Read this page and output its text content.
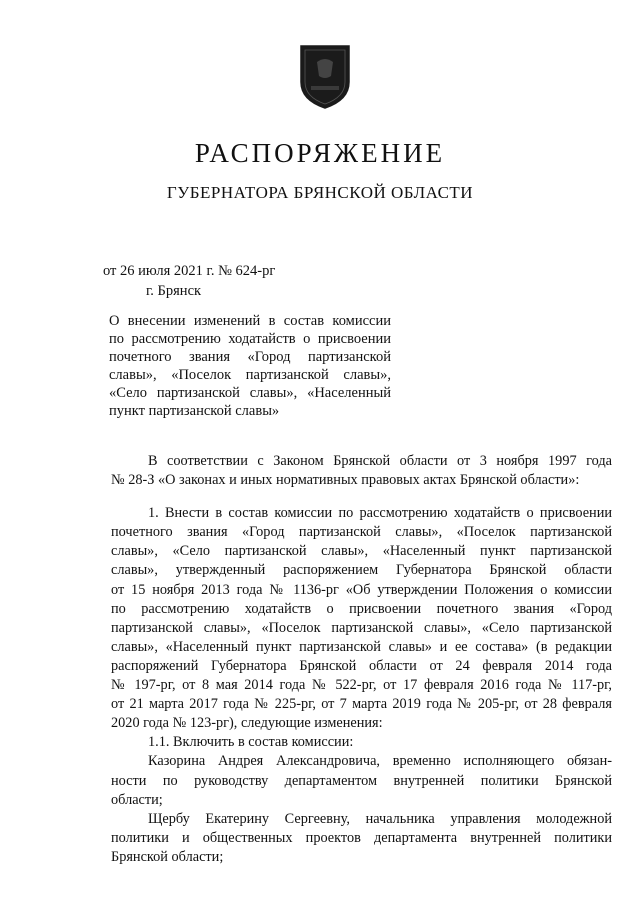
РАСПОРЯЖЕНИЕ
ГУБЕРНАТОРА БРЯНСКОЙ ОБЛАСТИ
от 26 июля 2021 г. № 624-рг
г. Брянск
О внесении изменений в состав комиссии
по рассмотрению ходатайств о присвоении
почетного звания «Город партизанской
славы», «Поселок партизанской славы»,
«Село партизанской славы», «Населенный
пункт партизанской славы»
В соответствии с Законом Брянской области от 3 ноября 1997 года
№ 28-З «О законах и иных нормативных правовых актах Брянской области»:
1. Внести в состав комиссии по рассмотрению ходатайств о присвоении
почетного звания «Город партизанской славы», «Поселок партизанской
славы», «Село партизанской славы», «Населенный пункт партизанской
славы», утвержденный распоряжением Губернатора Брянской области
от 15 ноября 2013 года № 1136-рг «Об утверждении Положения о комиссии
по рассмотрению ходатайств о присвоении почетного звания «Город
партизанской славы», «Поселок партизанской славы», «Село партизанской
славы», «Населенный пункт партизанской славы» и ее состава» (в редакции
распоряжений Губернатора Брянской области от 24 февраля 2014 года
№ 197-рг, от 8 мая 2014 года № 522-рг, от 17 февраля 2016 года № 117-рг,
от 21 марта 2017 года № 225-рг, от 7 марта 2019 года № 205-рг, от 28 февраля
2020 года № 123-рг), следующие изменения:
1.1. Включить в состав комиссии:
Казорина Андрея Александровича, временно исполняющего обязан-
ности по руководству департаментом внутренней политики Брянской
области;
Щербу Екатерину Сергеевну, начальника управления молодежной
политики и общественных проектов департамента внутренней политики
Брянской области;
